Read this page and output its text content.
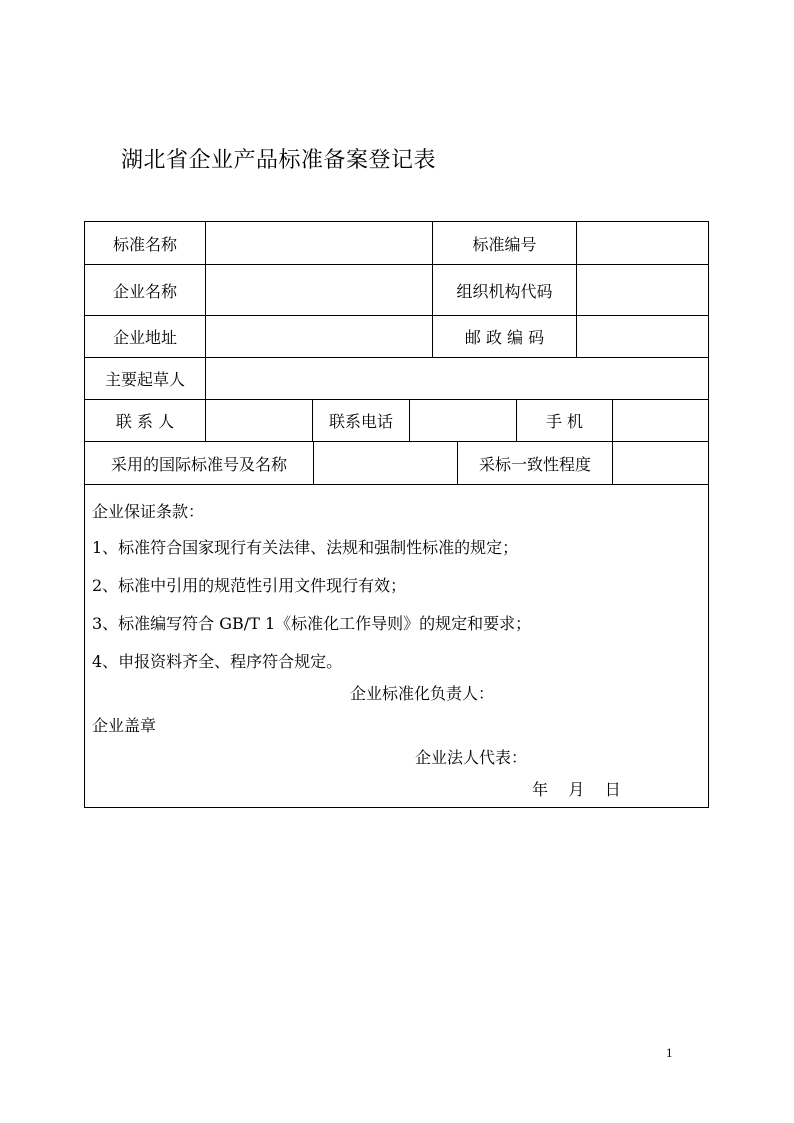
湖北省企业产品标准备案登记表
标准名称	标准编号
企业名称	组织机构代码
企业地址	邮 政 编 码
主要起草人
联 系 人	联系电话	手 机
采用的国际标准号及名称	采标一致性程度
企业保证条款：
1、标准符合国家现行有关法律、法规和强制性标准的规定；
2、标准中引用的规范性引用文件现行有效；
3、标准编写符合 GB/T 1《标准化工作导则》的规定和要求；
4、申报资料齐全、程序符合规定。
企业标准化负责人：
企业盖章
企业法人代表：
年    月    日
1
